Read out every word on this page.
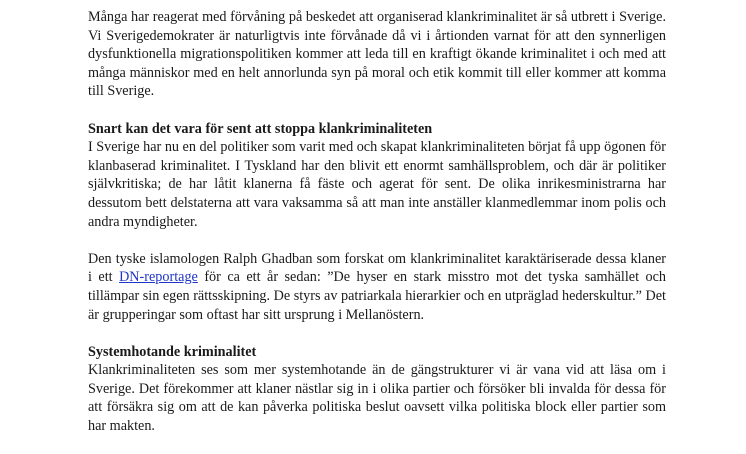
Många har reagerat med förvåning på beskedet att organiserad klankriminalitet är så utbrett i Sverige. Vi Sverigedemokrater är naturligtvis inte förvånade då vi i årtionden varnat för att den synnerligen dysfunktionella migrationspolitiken kommer att leda till en kraftigt ökande kriminalitet i och med att många människor med en helt annorlunda syn på moral och etik kommit till eller kommer att komma till Sverige.

Snart kan det vara för sent att stoppa klankriminaliteten

I Sverige har nu en del politiker som varit med och skapat klankriminaliteten börjat få upp ögonen för klanbaserad kriminalitet. I Tyskland har den blivit ett enormt samhällsproblem, och där är politiker självkritiska; de har låtit klanerna få fäste och agerat för sent. De olika inrikesministrarna har dessutom bett delstaterna att vara vaksamma så att man inte anställer klanmedlemmar inom polis och andra myndigheter.

Den tyske islamologen Ralph Ghadban som forskat om klankriminalitet karaktäriserade dessa klaner i ett DN-reportage för ca ett år sedan: ”De hyser en stark misstro mot det tyska samhället och tillämpar sin egen rättsskipning. De styrs av patriarkala hierarkier och en utpräglad hederskultur.” Det är grupperingar som oftast har sitt ursprung i Mellanöstern.

Systemhotande kriminalitet

Klankriminaliteten ses som mer systemhotande än de gängstrukturer vi är vana vid att läsa om i Sverige. Det förekommer att klaner nästlar sig in i olika partier och försöker bli invalda för dessa för att försäkra sig om att de kan påverka politiska beslut oavsett vilka politiska block eller partier som har makten.
